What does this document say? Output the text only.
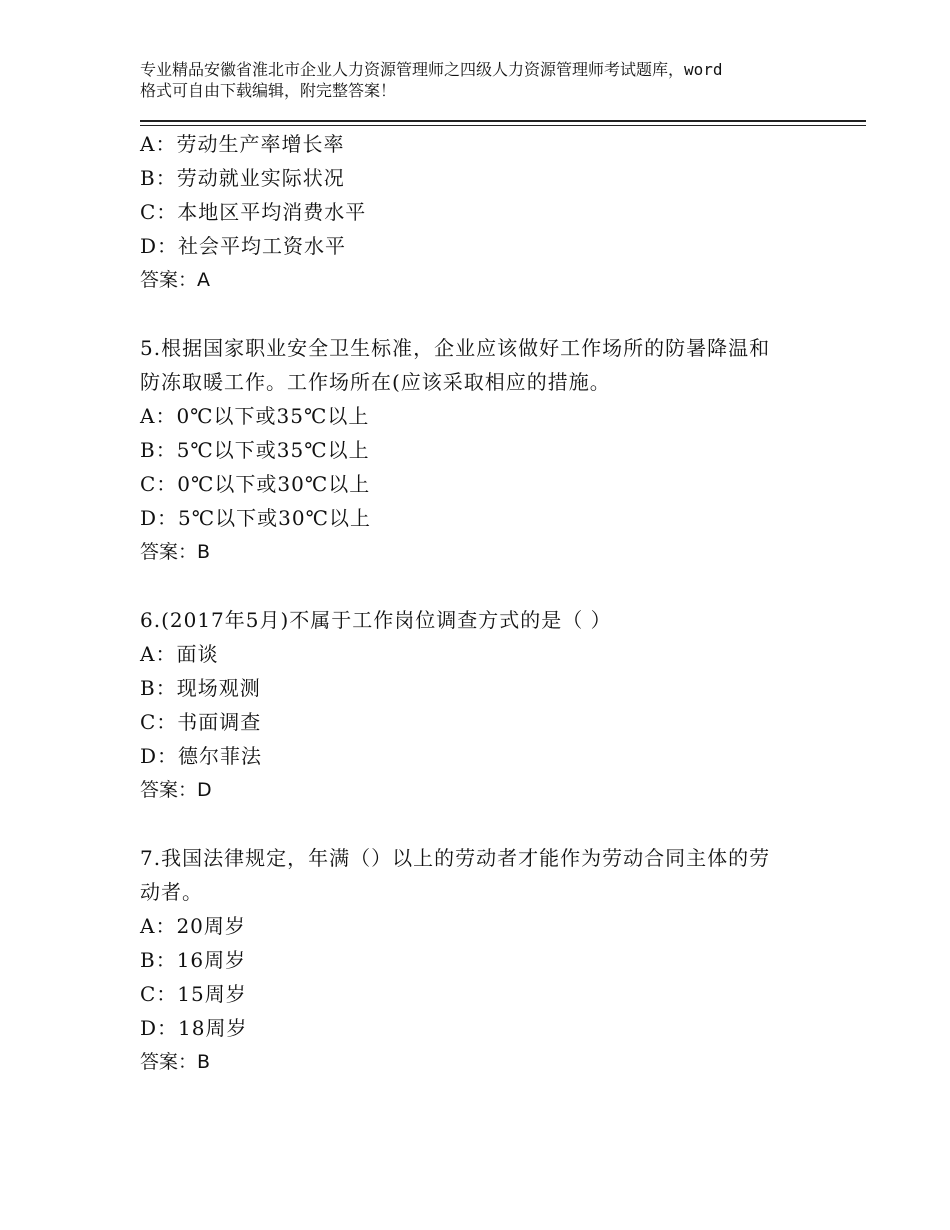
专业精品安徽省淮北市企业人力资源管理师之四级人力资源管理师考试题库，word
格式可自由下载编辑，附完整答案！
A：劳动生产率增长率
B：劳动就业实际状况
C：本地区平均消费水平
D：社会平均工资水平
答案：A
5.根据国家职业安全卫生标准，企业应该做好工作场所的防暑降温和
防冻取暖工作。工作场所在(应该采取相应的措施。
A：0℃以下或35℃以上
B：5℃以下或35℃以上
C：0℃以下或30℃以上
D：5℃以下或30℃以上
答案：B
6.(2017年5月)不属于工作岗位调查方式的是（ ）
A：面谈
B：现场观测
C：书面调查
D：德尔菲法
答案：D
7.我国法律规定，年满（）以上的劳动者才能作为劳动合同主体的劳
动者。
A：20周岁
B：16周岁
C：15周岁
D：18周岁
答案：B
